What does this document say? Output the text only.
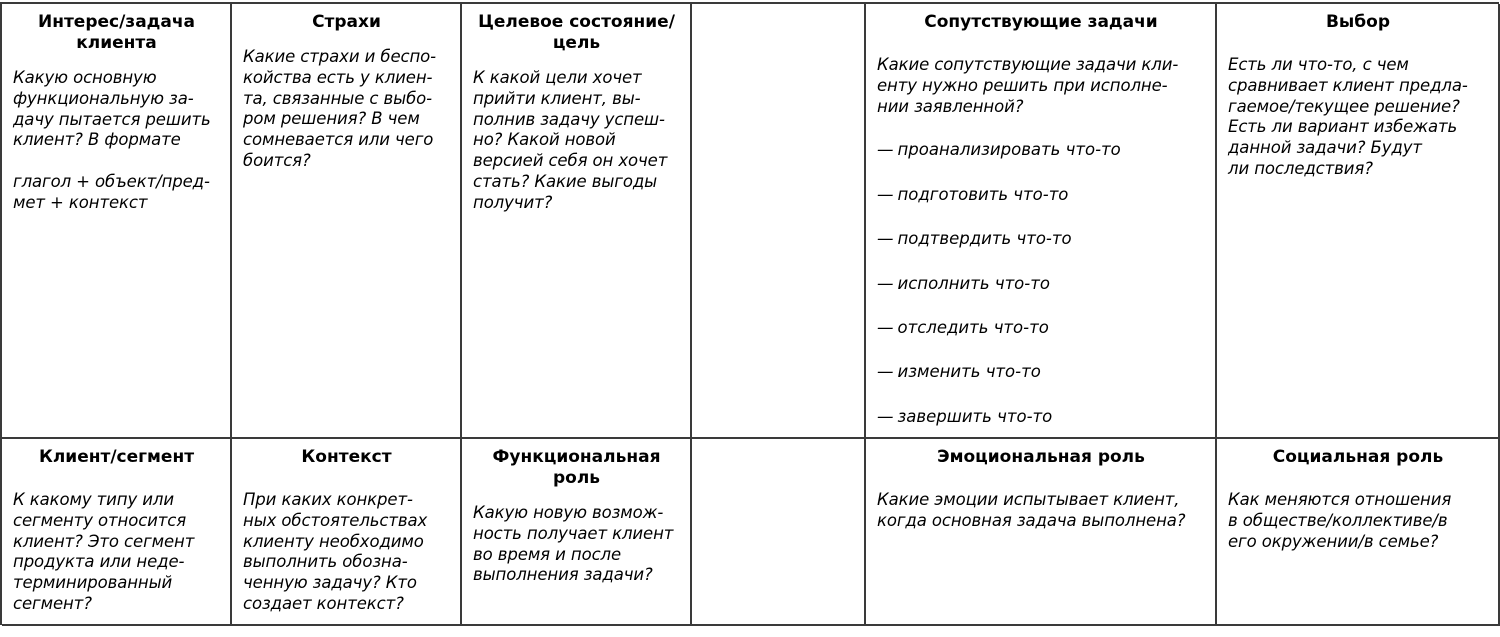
Интерес/задача
клиента
Какую основную
функциональную за-
дачу пытается решить
клиент? В формате
глагол + объект/пред-
мет + контекст
Страхи
Какие страхи и беспо-
койства есть у клиен-
та, связанные с выбо-
ром решения? В чем
сомневается или чего
боится?
Целевое состояние/
цель
К какой цели хочет
прийти клиент, вы-
полнив задачу успеш-
но? Какой новой
версией себя он хочет
стать? Какие выгоды
получит?
Сопутствующие задачи
Какие сопутствующие задачи кли-
енту нужно решить при исполне-
нии заявленной?
— проанализировать что-то
— подготовить что-то
— подтвердить что-то
— исполнить что-то
— отследить что-то
— изменить что-то
— завершить что-то
Выбор
Есть ли что-то, с чем
сравнивает клиент предла-
гаемое/текущее решение?
Есть ли вариант избежать
данной задачи? Будут
ли последствия?
Клиент/сегмент
К какому типу или
сегменту относится
клиент? Это сегмент
продукта или неде-
терминированный
сегмент?
Контекст
При каких конкрет-
ных обстоятельствах
клиенту необходимо
выполнить обозна-
ченную задачу? Кто
создает контекст?
Функциональная
роль
Какую новую возмож-
ность получает клиент
во время и после
выполнения задачи?
Эмоциональная роль
Какие эмоции испытывает клиент,
когда основная задача выполнена?
Социальная роль
Как меняются отношения
в обществе/коллективе/в
его окружении/в семье?
